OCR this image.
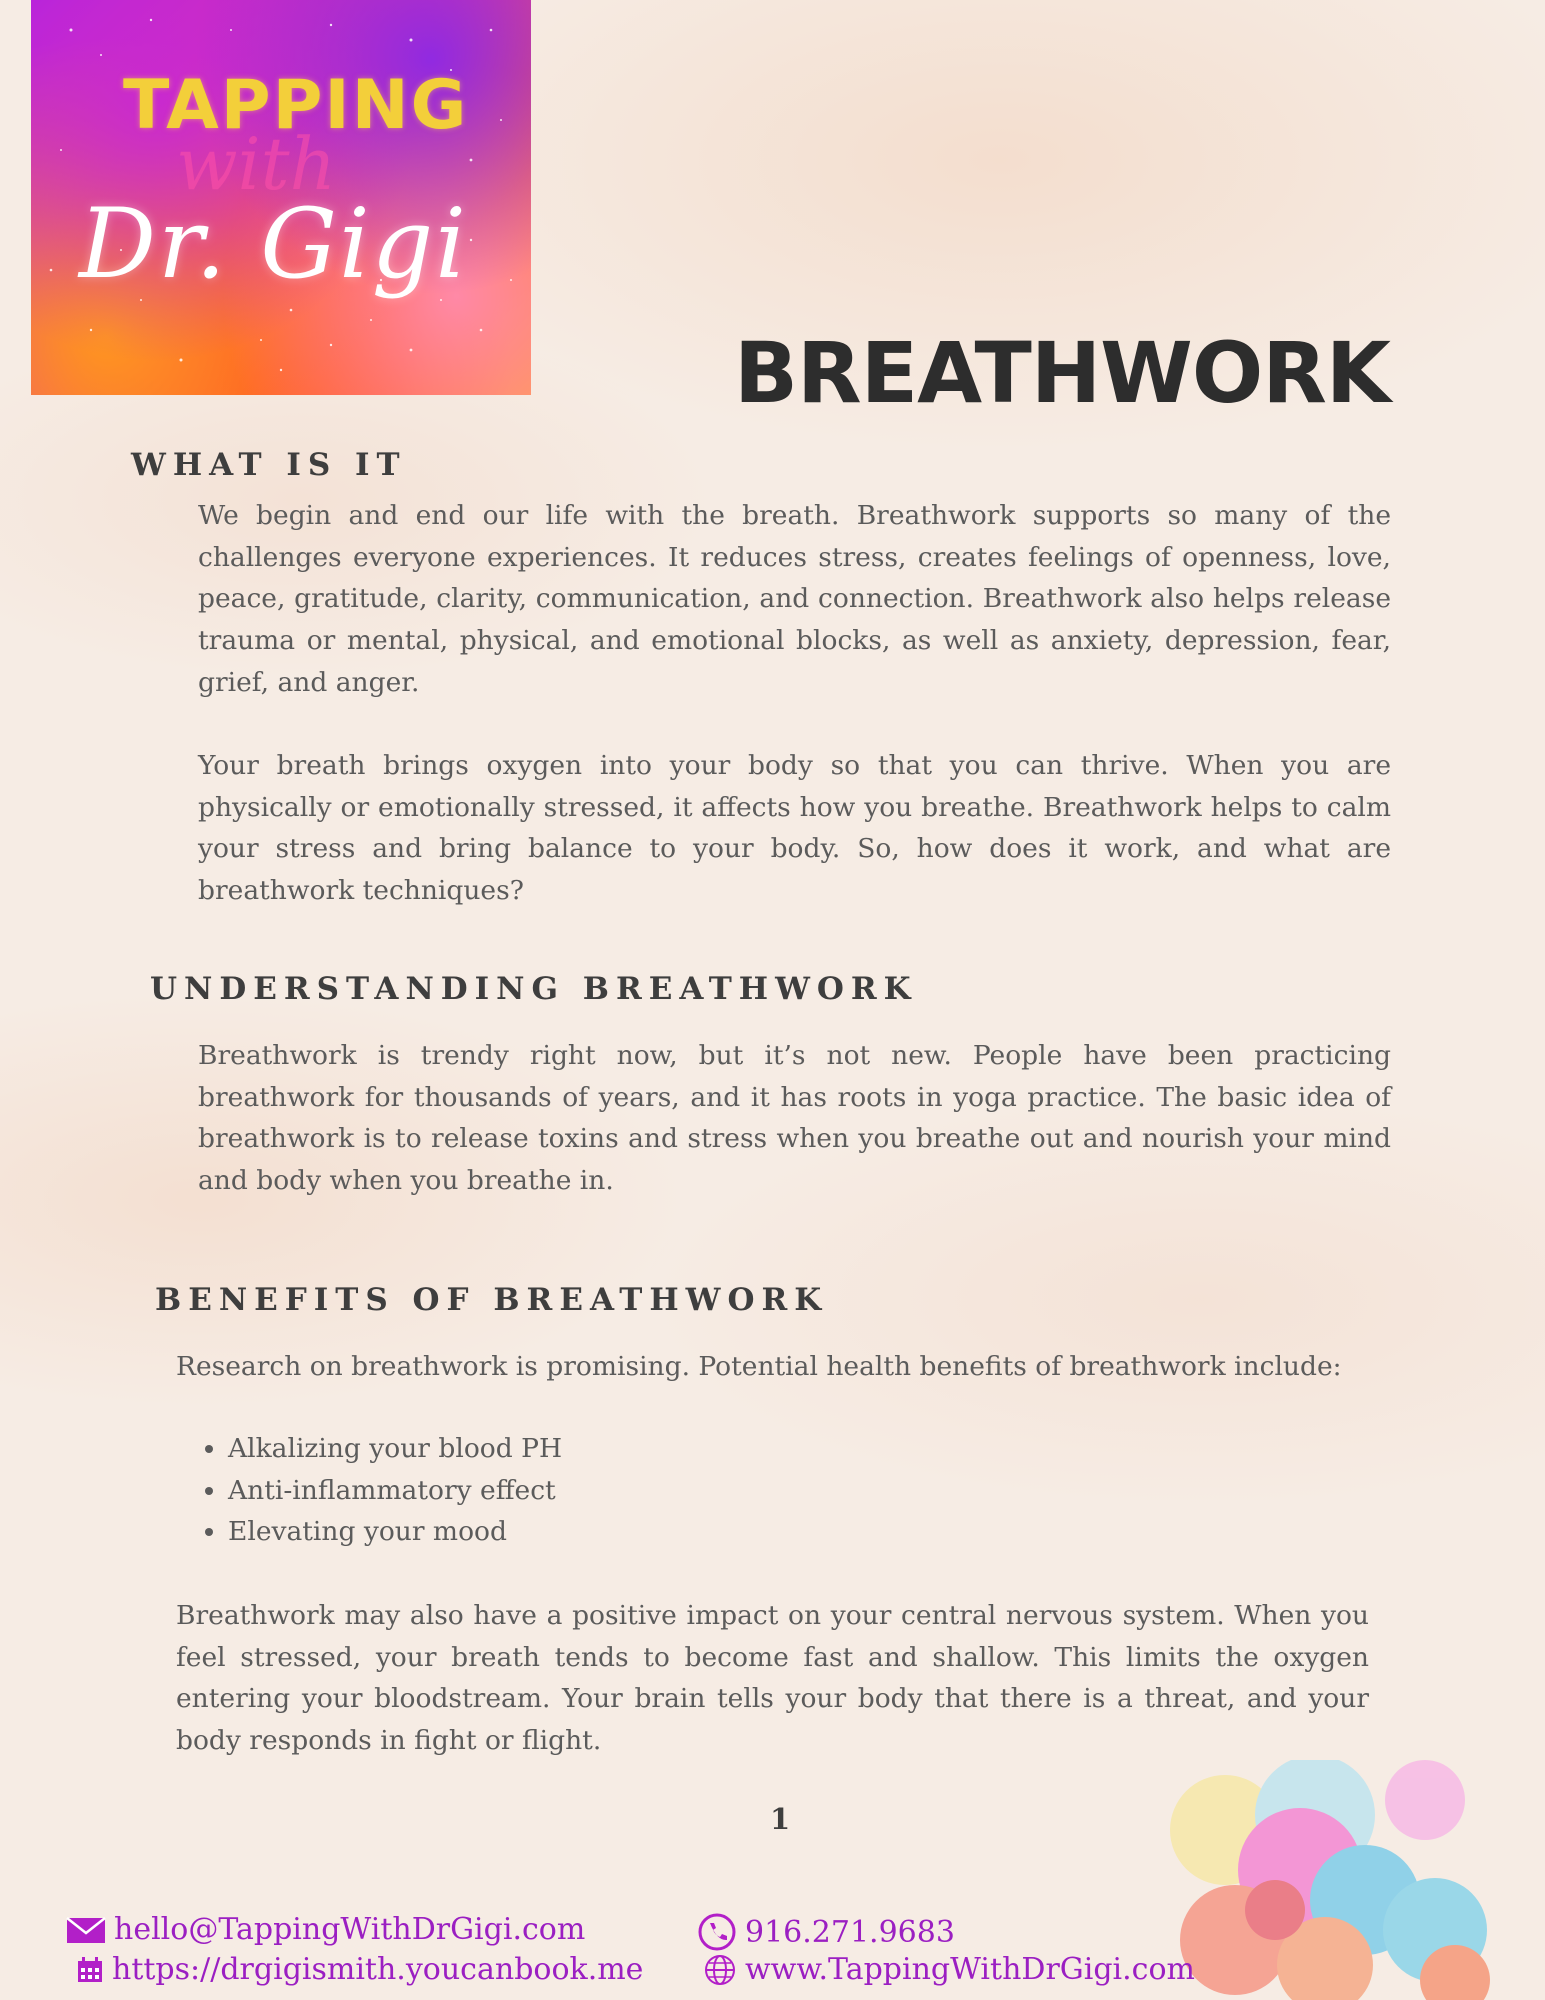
TAPPING
with
Dr. Gigi
BREATHWORK
WHAT IS IT

We begin and end our life with the breath. Breathwork supports so many of the challenges everyone experiences. It reduces stress, creates feelings of openness, love, peace, gratitude, clarity, communication, and connection. Breathwork also helps release trauma or mental, physical, and emotional blocks, as well as anxiety, depression, fear, grief, and anger.

Your breath brings oxygen into your body so that you can thrive. When you are physically or emotionally stressed, it affects how you breathe. Breathwork helps to calm your stress and bring balance to your body. So, how does it work, and what are breathwork techniques?

UNDERSTANDING BREATHWORK

Breathwork is trendy right now, but it’s not new. People have been practicing breathwork for thousands of years, and it has roots in yoga practice. The basic idea of breathwork is to release toxins and stress when you breathe out and nourish your mind and body when you breathe in.

BENEFITS OF BREATHWORK

Research on breathwork is promising. Potential health benefits of breathwork include:

• Alkalizing your blood PH
• Anti-inflammatory effect
• Elevating your mood

Breathwork may also have a positive impact on your central nervous system. When you feel stressed, your breath tends to become fast and shallow. This limits the oxygen entering your bloodstream. Your brain tells your body that there is a threat, and your body responds in fight or flight.

1
hello@TappingWithDrGigi.com	916.271.9683
https://drgigismith.youcanbook.me	www.TappingWithDrGigi.com
